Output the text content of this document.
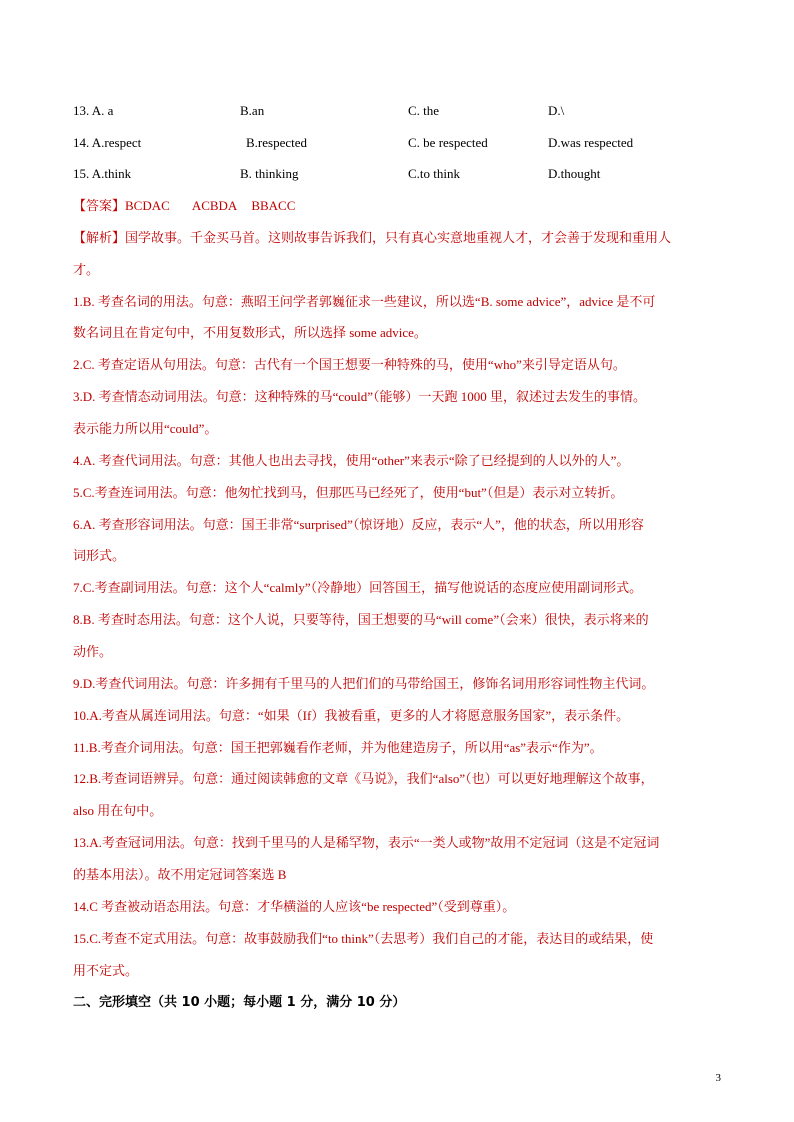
13. A. a	B.an	C. the	D.\
14. A.respect	B.respected	C. be respected	D.was respected
15. A.think	B. thinking	C.to think	D.thought
【答案】BCDAC ACBDA BBACC
【解析】国学故事。千金买马首。这则故事告诉我们，只有真心实意地重视人才，才会善于发现和重用人
才。
1.B. 考查名词的用法。句意：燕昭王问学者郭巍征求一些建议，所以选“B. some advice”，advice 是不可
数名词且在肯定句中，不用复数形式，所以选择 some advice。
2.C. 考查定语从句用法。句意：古代有一个国王想要一种特殊的马，使用“who”来引导定语从句。
3.D. 考查情态动词用法。句意：这种特殊的马“could”（能够）一天跑 1000 里，叙述过去发生的事情。
表示能力所以用“could”。
4.A. 考查代词用法。句意：其他人也出去寻找，使用“other”来表示“除了已经提到的人以外的人”。
5.C.考查连词用法。句意：他匆忙找到马，但那匹马已经死了，使用“but”（但是）表示对立转折。
6.A. 考查形容词用法。句意：国王非常“surprised”（惊讶地）反应，表示“人”，他的状态，所以用形容
词形式。
7.C.考查副词用法。句意：这个人“calmly”（冷静地）回答国王，描写他说话的态度应使用副词形式。
8.B. 考查时态用法。句意：这个人说，只要等待，国王想要的马“will come”（会来）很快，表示将来的
动作。
9.D.考查代词用法。句意：许多拥有千里马的人把们们的马带给国王，修饰名词用形容词性物主代词。
10.A.考查从属连词用法。句意：“如果（If）我被看重，更多的人才将愿意服务国家”，表示条件。
11.B.考查介词用法。句意：国王把郭巍看作老师，并为他建造房子，所以用“as”表示“作为”。
12.B.考查词语辨异。句意：通过阅读韩愈的文章《马说》，我们“also”（也）可以更好地理解这个故事，
also 用在句中。
13.A.考查冠词用法。句意：找到千里马的人是稀罕物，表示“一类人或物”故用不定冠词（这是不定冠词
的基本用法）。故不用定冠词答案选 B
14.C 考查被动语态用法。句意：才华横溢的人应该“be respected”（受到尊重）。
15.C.考查不定式用法。句意：故事鼓励我们“to think”（去思考）我们自己的才能，表达目的或结果，使
用不定式。
二、完形填空（共 10 小题；每小题 1 分，满分 10 分）
3
